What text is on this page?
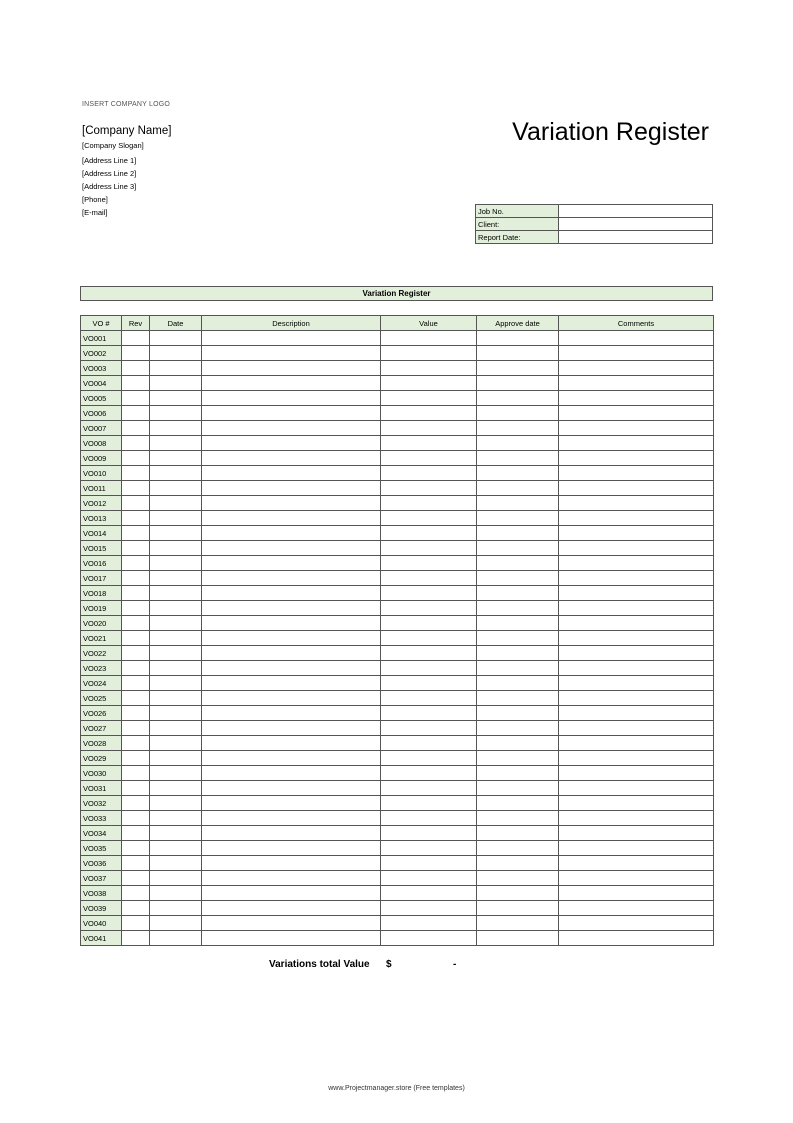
INSERT COMPANY LOGO
[Company Name]
[Company Slogan]
[Address Line 1]
[Address Line 2]
[Address Line 3]
[Phone]
[E-mail]
Variation Register
Job No.	
Client:	
Report Date:	
Variation Register
VO #	Rev	Date	Description	Value	Approve date	Comments
VO001						
VO002						
VO003						
VO004						
VO005						
VO006						
VO007						
VO008						
VO009						
VO010						
VO011						
VO012						
VO013						
VO014						
VO015						
VO016						
VO017						
VO018						
VO019						
VO020						
VO021						
VO022						
VO023						
VO024						
VO025						
VO026						
VO027						
VO028						
VO029						
VO030						
VO031						
VO032						
VO033						
VO034						
VO035						
VO036						
VO037						
VO038						
VO039						
VO040						
VO041						
Variations total Value $	-
www.Projectmanager.store (Free templates)
